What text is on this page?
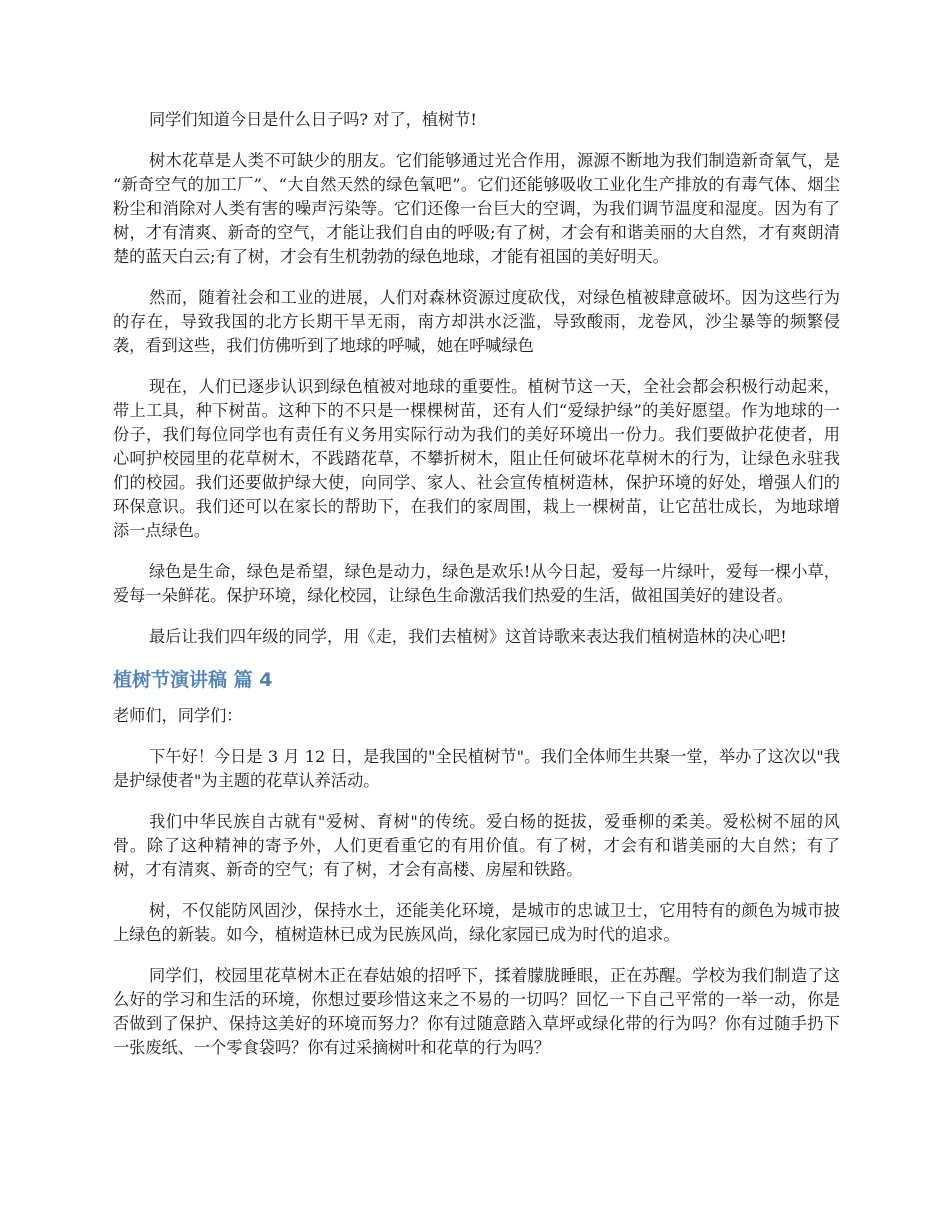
同学们知道今日是什么日子吗? 对了，植树节!

树木花草是人类不可缺少的朋友。它们能够通过光合作用，源源不断地为我们制造新奇氧气，是 “新奇空气的加工厂”、“大自然天然的绿色氧吧”。它们还能够吸收工业化生产排放的有毒气体、烟尘粉尘和消除对人类有害的噪声污染等。它们还像一台巨大的空调，为我们调节温度和湿度。因为有了树，才有清爽、新奇的空气，才能让我们自由的呼吸;有了树，才会有和谐美丽的大自然，才有爽朗清楚的蓝天白云;有了树，才会有生机勃勃的绿色地球，才能有祖国的美好明天。

然而，随着社会和工业的进展，人们对森林资源过度砍伐，对绿色植被肆意破坏。因为这些行为的存在，导致我国的北方长期干旱无雨，南方却洪水泛滥，导致酸雨，龙卷风，沙尘暴等的频繁侵袭，看到这些，我们仿佛听到了地球的呼喊，她在呼喊绿色

现在，人们已逐步认识到绿色植被对地球的重要性。植树节这一天，全社会都会积极行动起来，带上工具，种下树苗。这种下的不只是一棵棵树苗，还有人们“爱绿护绿”的美好愿望。作为地球的一份子，我们每位同学也有责任有义务用实际行动为我们的美好环境出一份力。我们要做护花使者，用心呵护校园里的花草树木，不践踏花草，不攀折树木，阻止任何破坏花草树木的行为，让绿色永驻我们的校园。我们还要做护绿大使，向同学、家人、社会宣传植树造林，保护环境的好处，增强人们的环保意识。我们还可以在家长的帮助下，在我们的家周围，栽上一棵树苗，让它茁壮成长，为地球增添一点绿色。

绿色是生命，绿色是希望，绿色是动力，绿色是欢乐!从今日起，爱每一片绿叶，爱每一棵小草，爱每一朵鲜花。保护环境，绿化校园，让绿色生命激活我们热爱的生活，做祖国美好的建设者。

最后让我们四年级的同学，用《走，我们去植树》这首诗歌来表达我们植树造林的决心吧!

植树节演讲稿 篇 4

老师们，同学们：

下午好！今日是 3 月 12 日，是我国的"全民植树节"。我们全体师生共聚一堂，举办了这次以"我是护绿使者"为主题的花草认养活动。

我们中华民族自古就有"爱树、育树"的传统。爱白杨的挺拔，爱垂柳的柔美。爱松树不屈的风骨。除了这种精神的寄予外，人们更看重它的有用价值。有了树，才会有和谐美丽的大自然；有了树，才有清爽、新奇的空气；有了树，才会有高楼、房屋和铁路。

树，不仅能防风固沙，保持水土，还能美化环境，是城市的忠诚卫士，它用特有的颜色为城市披上绿色的新装。如今，植树造林已成为民族风尚，绿化家园已成为时代的追求。

同学们，校园里花草树木正在春姑娘的招呼下，揉着朦胧睡眼，正在苏醒。学校为我们制造了这么好的学习和生活的环境，你想过要珍惜这来之不易的一切吗？回忆一下自己平常的一举一动，你是否做到了保护、保持这美好的环境而努力？你有过随意踏入草坪或绿化带的行为吗？你有过随手扔下一张废纸、一个零食袋吗？你有过采摘树叶和花草的行为吗？
